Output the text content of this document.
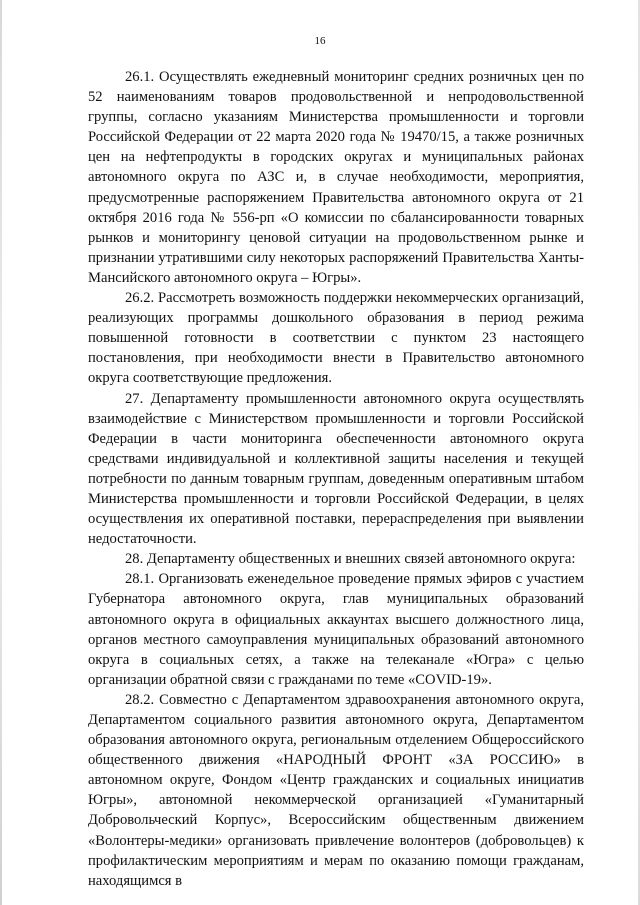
16

26.1. Осуществлять ежедневный мониторинг средних розничных цен по 52 наименованиям товаров продовольственной и непродовольственной группы, согласно указаниям Министерства промышленности и торговли Российской Федерации от 22 марта 2020 года № 19470/15, а также розничных цен на нефтепродукты в городских округах и муниципальных районах автономного округа по АЗС и, в случае необходимости, мероприятия, предусмотренные распоряжением Правительства автономного округа от 21 октября 2016 года № 556-рп «О комиссии по сбалансированности товарных рынков и мониторингу ценовой ситуации на продовольственном рынке и признании утратившими силу некоторых распоряжений Правительства Ханты-Мансийского автономного округа – Югры».

26.2. Рассмотреть возможность поддержки некоммерческих организаций, реализующих программы дошкольного образования в период режима повышенной готовности в соответствии с пунктом 23 настоящего постановления, при необходимости внести в Правительство автономного округа соответствующие предложения.

27. Департаменту промышленности автономного округа осуществлять взаимодействие с Министерством промышленности и торговли Российской Федерации в части мониторинга обеспеченности автономного округа средствами индивидуальной и коллективной защиты населения и текущей потребности по данным товарным группам, доведенным оперативным штабом Министерства промышленности и торговли Российской Федерации, в целях осуществления их оперативной поставки, перераспределения при выявлении недостаточности.

28. Департаменту общественных и внешних связей автономного округа:

28.1. Организовать еженедельное проведение прямых эфиров с участием Губернатора автономного округа, глав муниципальных образований автономного округа в официальных аккаунтах высшего должностного лица, органов местного самоуправления муниципальных образований автономного округа в социальных сетях, а также на телеканале «Югра» с целью организации обратной связи с гражданами по теме «COVID-19».

28.2. Совместно с Департаментом здравоохранения автономного округа, Департаментом социального развития автономного округа, Департаментом образования автономного округа, региональным отделением Общероссийского общественного движения «НАРОДНЫЙ ФРОНТ «ЗА РОССИЮ» в автономном округе, Фондом «Центр гражданских и социальных инициатив Югры», автономной некоммерческой организацией «Гуманитарный Добровольческий Корпус», Всероссийским общественным движением «Волонтеры-медики» организовать привлечение волонтеров (добровольцев) к профилактическим мероприятиям и мерам по оказанию помощи гражданам, находящимся в
